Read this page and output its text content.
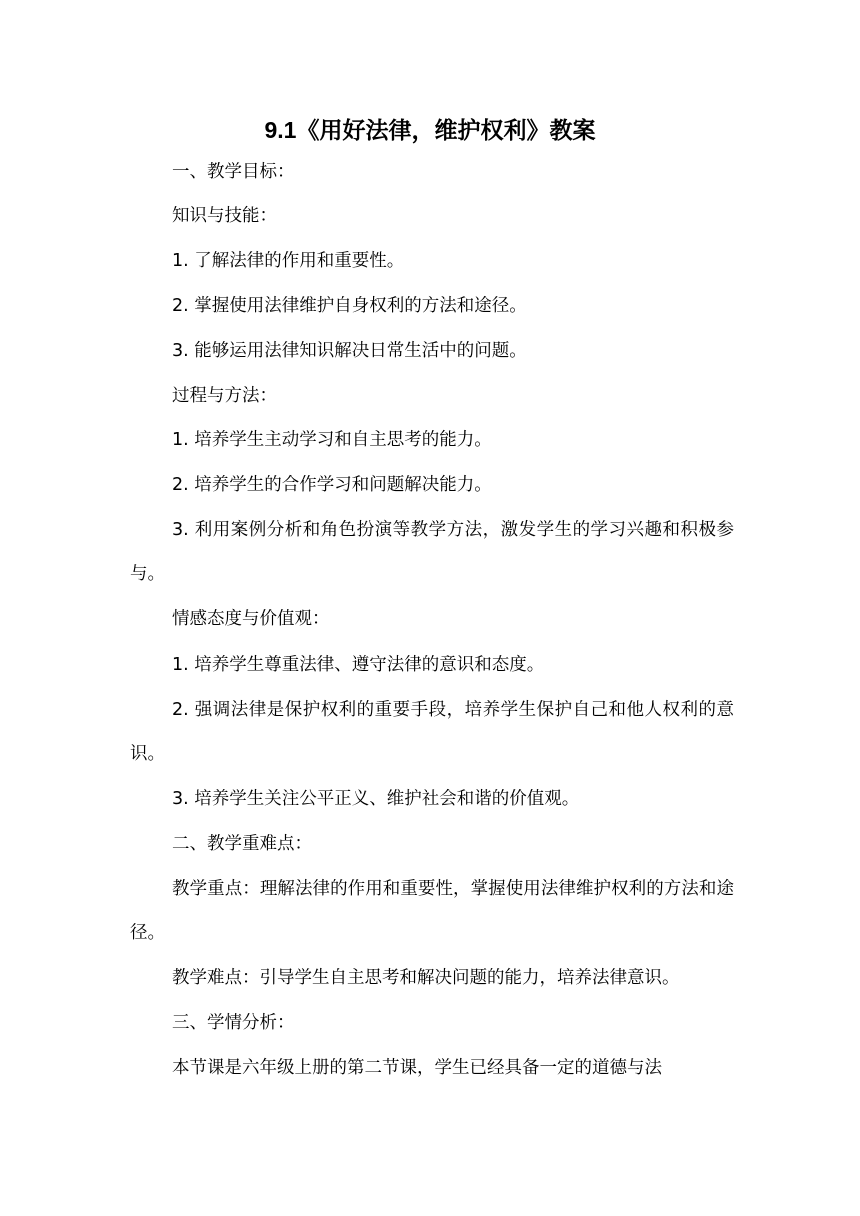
9.1《用好法律，维护权利》教案

一、教学目标：

知识与技能：

1. 了解法律的作用和重要性。

2. 掌握使用法律维护自身权利的方法和途径。

3. 能够运用法律知识解决日常生活中的问题。

过程与方法：

1. 培养学生主动学习和自主思考的能力。

2. 培养学生的合作学习和问题解决能力。

3. 利用案例分析和角色扮演等教学方法，激发学生的学习兴趣和积极参与。

情感态度与价值观：

1. 培养学生尊重法律、遵守法律的意识和态度。

2. 强调法律是保护权利的重要手段，培养学生保护自己和他人权利的意识。

3. 培养学生关注公平正义、维护社会和谐的价值观。

二、教学重难点：

教学重点：理解法律的作用和重要性，掌握使用法律维护权利的方法和途径。

教学难点：引导学生自主思考和解决问题的能力，培养法律意识。

三、学情分析：

本节课是六年级上册的第二节课，学生已经具备一定的道德与法
